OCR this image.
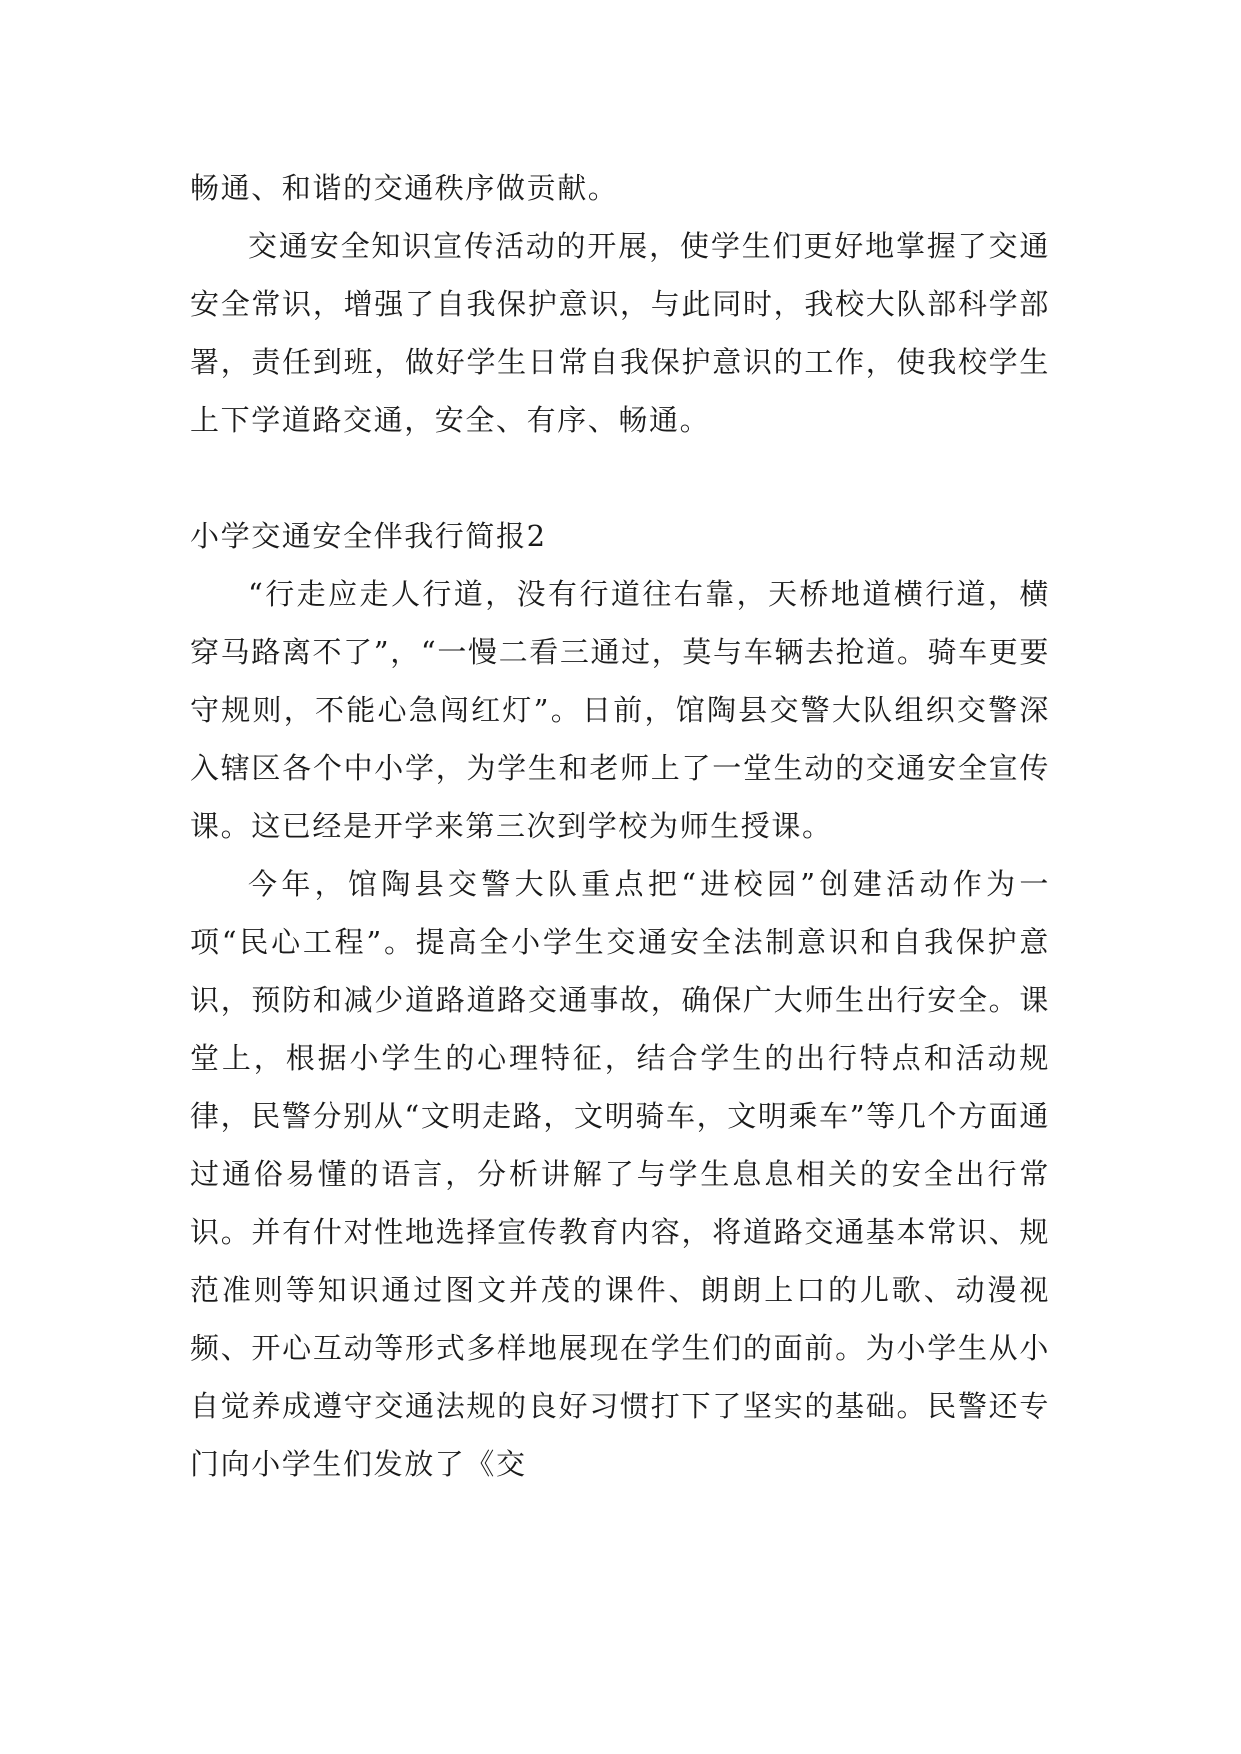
畅通、和谐的交通秩序做贡献。

交通安全知识宣传活动的开展，使学生们更好地掌握了交通安全常识，增强了自我保护意识，与此同时，我校大队部科学部署，责任到班，做好学生日常自我保护意识的工作，使我校学生上下学道路交通，安全、有序、畅通。

小学交通安全伴我行简报2

“行走应走人行道，没有行道往右靠，天桥地道横行道，横穿马路离不了”，“一慢二看三通过，莫与车辆去抢道。骑车更要守规则，不能心急闯红灯”。日前，馆陶县交警大队组织交警深入辖区各个中小学，为学生和老师上了一堂生动的交通安全宣传课。这已经是开学来第三次到学校为师生授课。

今年，馆陶县交警大队重点把“进校园”创建活动作为一项“民心工程”。提高全小学生交通安全法制意识和自我保护意识，预防和减少道路道路交通事故，确保广大师生出行安全。课堂上，根据小学生的心理特征，结合学生的出行特点和活动规律，民警分别从“文明走路，文明骑车，文明乘车”等几个方面通过通俗易懂的语言，分析讲解了与学生息息相关的安全出行常识。并有什对性地选择宣传教育内容，将道路交通基本常识、规范准则等知识通过图文并茂的课件、朗朗上口的儿歌、动漫视频、开心互动等形式多样地展现在学生们的面前。为小学生从小自觉养成遵守交通法规的良好习惯打下了坚实的基础。民警还专门向小学生们发放了《交
